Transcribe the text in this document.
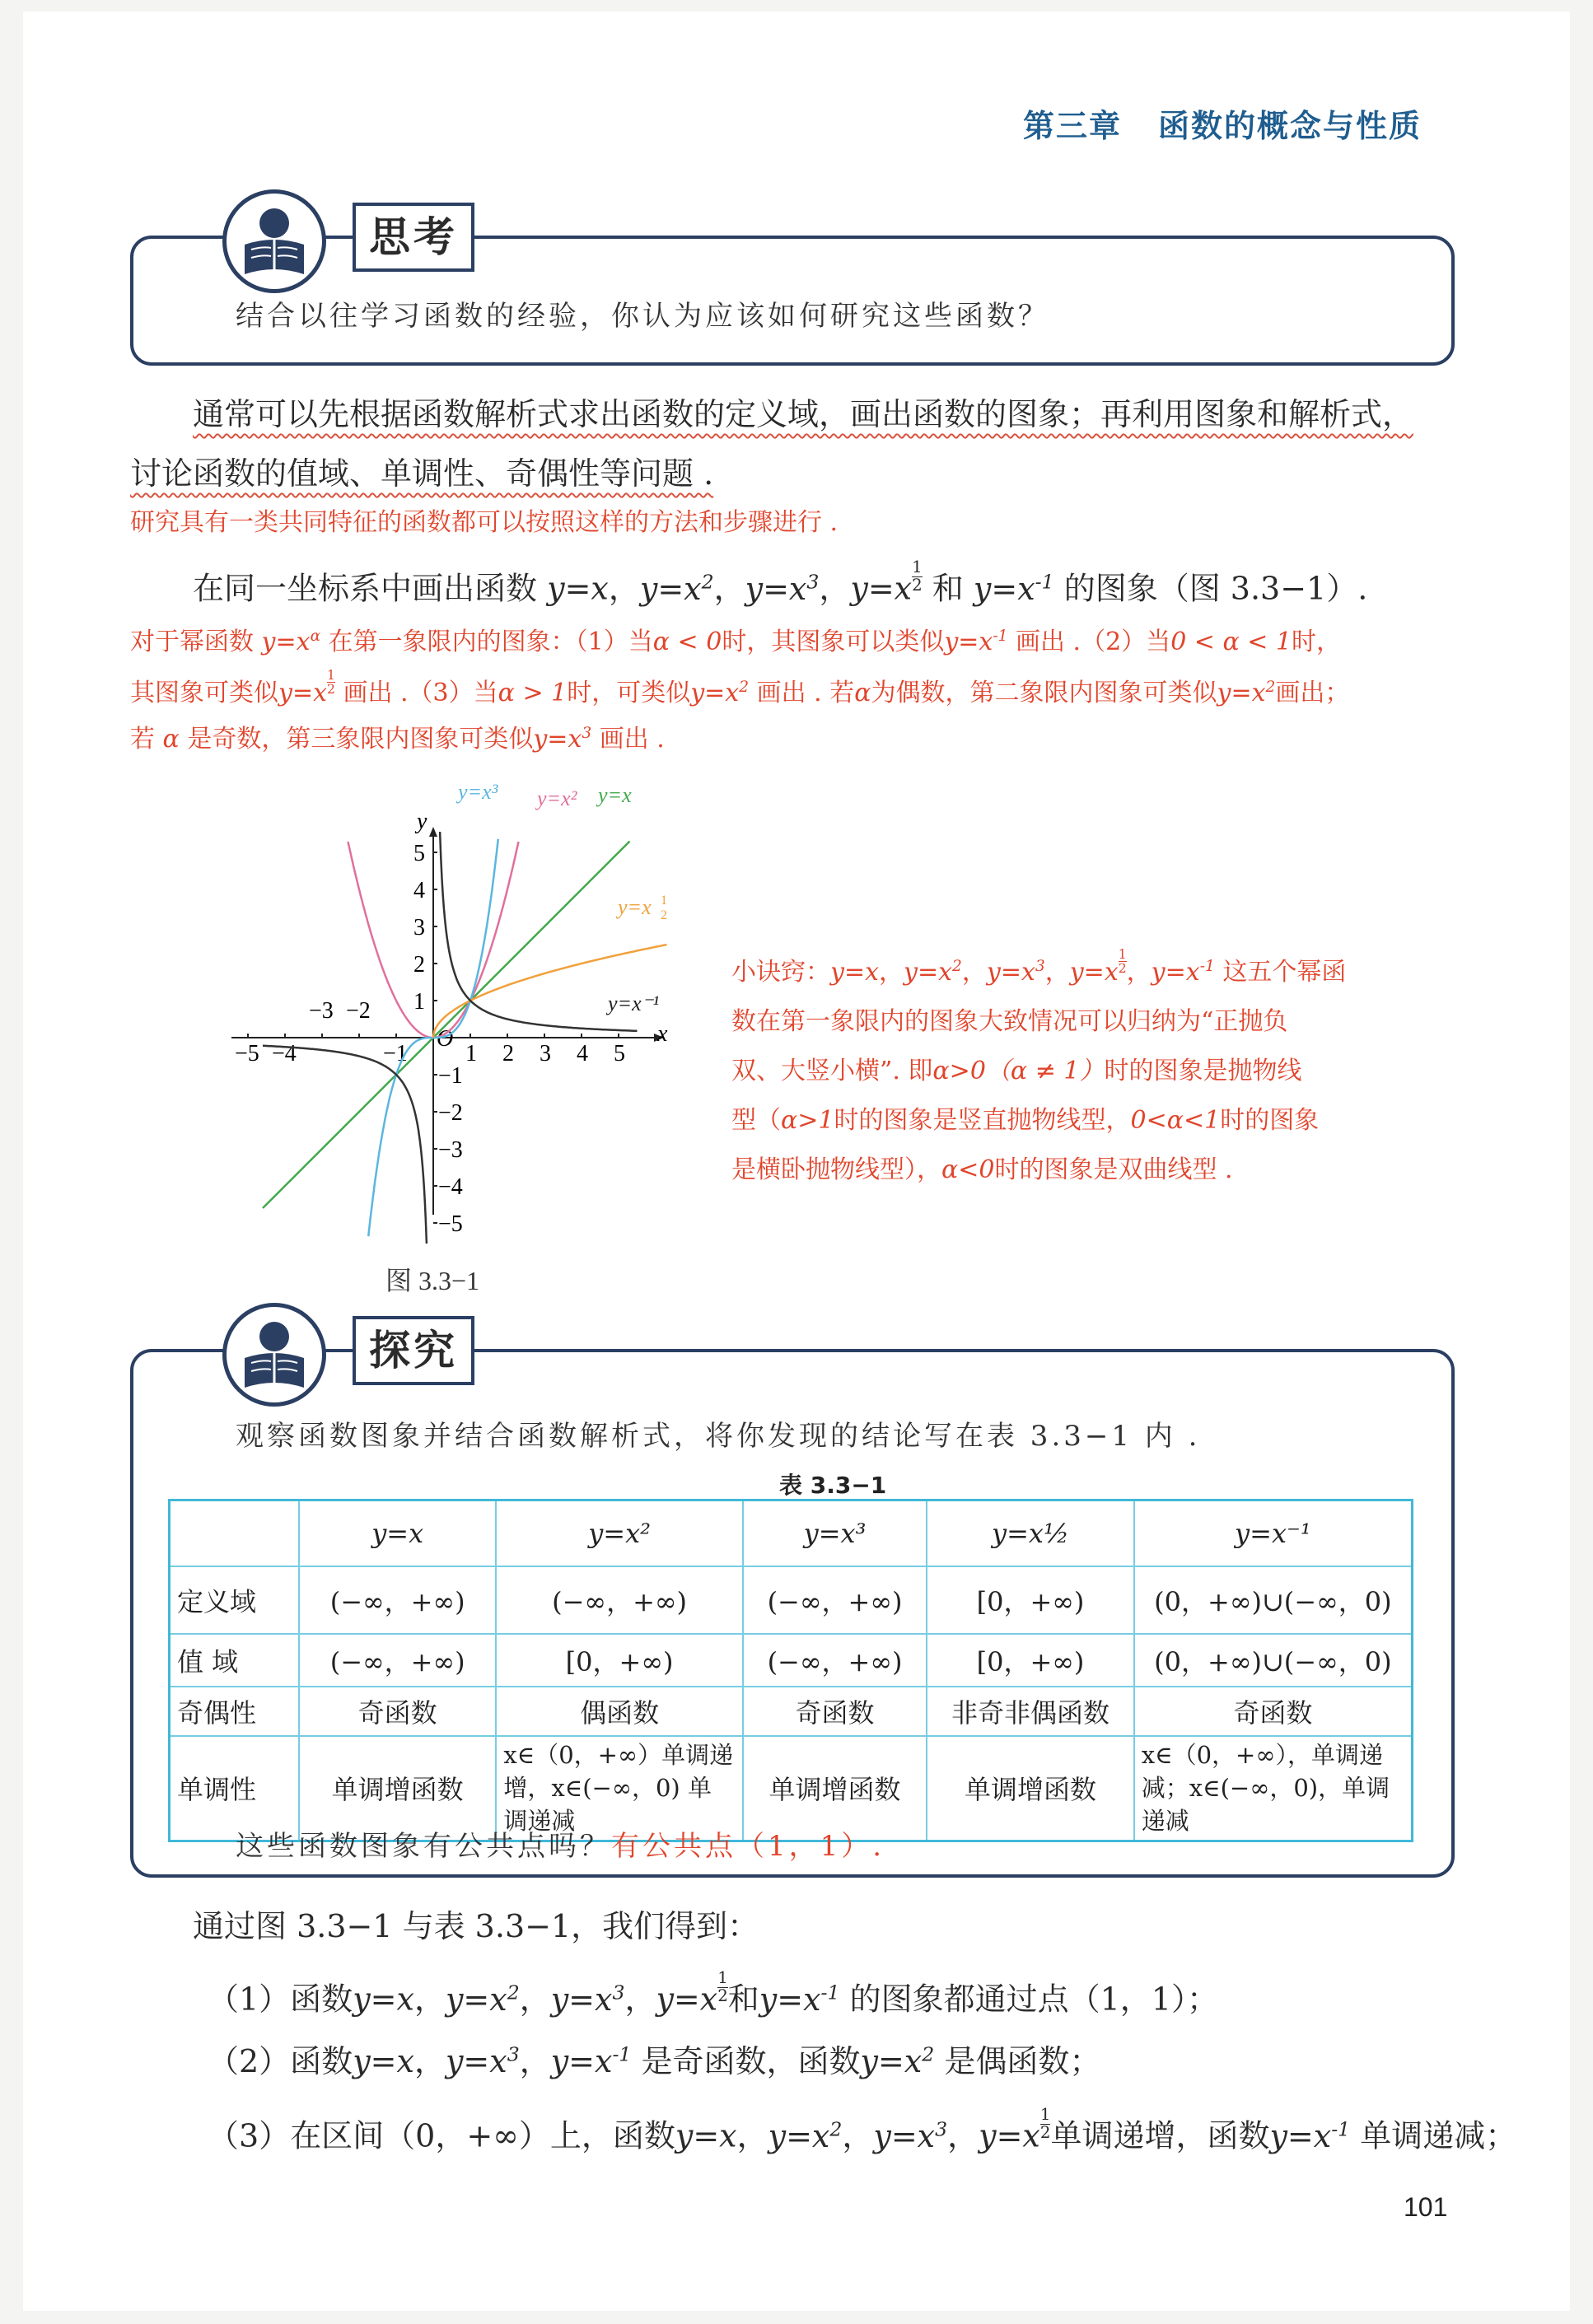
第三章 函数的概念与性质
思考
结合以往学习函数的经验，你认为应该如何研究这些函数？
通常可以先根据函数解析式求出函数的定义域，画出函数的图象；再利用图象和解析式，
讨论函数的值域、单调性、奇偶性等问题 .
研究具有一类共同特征的函数都可以按照这样的方法和步骤进行 .
在同一坐标系中画出函数 y=x，$y=x^2$，$y=x^3$，$y=x \frac{1}{2}$ 和 $y=x^{-1}$ 的图象（图 3.3−1）.
对于幂函数 $y=x^\alpha$ 在第一象限内的图象：（1）当α < 0时，其图象可以类似$y=x^{-1}$ 画出 .（2）当0 < α < 1时，
其图象可类似$y=x \frac{1}{2}$ 画出 .（3）当α > 1时，可类似$y=x^2$ 画出 . 若α为偶数，第二象限内图象可类似$y=x^2$画出；
若 α 是奇数，第三象限内图象可类似$y=x^3$ 画出 .
x
y
O
−5 −4
−3 −2
−1	1 2 3 4 5
5
4
3
2
1
−1
−2
−3
−4
−5
y=x³ y=x² y=x
y=x 1
2
y=x⁻¹
图 3.3−1
小诀窍：y=x，$y=x^2$，$y=x^3$，$y=x \frac{1}{2}$ ，$y=x^{-1}$ 这五个幂函
数在第一象限内的图象大致情况可以归纳为“正抛负
双、大竖小横”. 即α>0（α ≠ 1）时的图象是抛物线
型（α>1时的图象是竖直抛物线型，0<α<1时的图象
是横卧抛物线型），α<0时的图象是双曲线型 .
探究
观察函数图象并结合函数解析式，将你发现的结论写在表 3.3−1 内 .
表 3.3−1
	y=x	y=x²	y=x³	y=x½	y=x⁻¹
定义域	(−∞，+∞)	(−∞，+∞)	(−∞，+∞)	[0，+∞)	(0，+∞)∪(−∞，0)
值 域	(−∞，+∞)	[0，+∞)	(−∞，+∞)	[0，+∞)	(0，+∞)∪(−∞，0)
奇偶性	奇函数	偶函数	奇函数	非奇非偶函数	奇函数
单调性	单调增函数	x∈（0，+∞）单调递增，x∈(−∞，0) 单调递减	单调增函数	单调增函数	x∈（0，+∞），单调递减；x∈(−∞，0)，单调递减
这些函数图象有公共点吗？有公共点（1，1）.
通过图 3.3−1 与表 3.3−1，我们得到：
（1）函数y=x，$y=x^2$，$y=x^3$，$y=x \frac{1}{2}$ 和$y=x^{-1}$ 的图象都通过点（1，1）；
（2）函数y=x，$y=x^3$，$y=x^{-1}$ 是奇函数，函数$y=x^2$ 是偶函数；
（3）在区间（0，+∞）上，函数y=x，$y=x^2$，$y=x^3$，$y=x \frac{1}{2}$ 单调递增，函数$y=x^{-1}$ 单调递减；
101
